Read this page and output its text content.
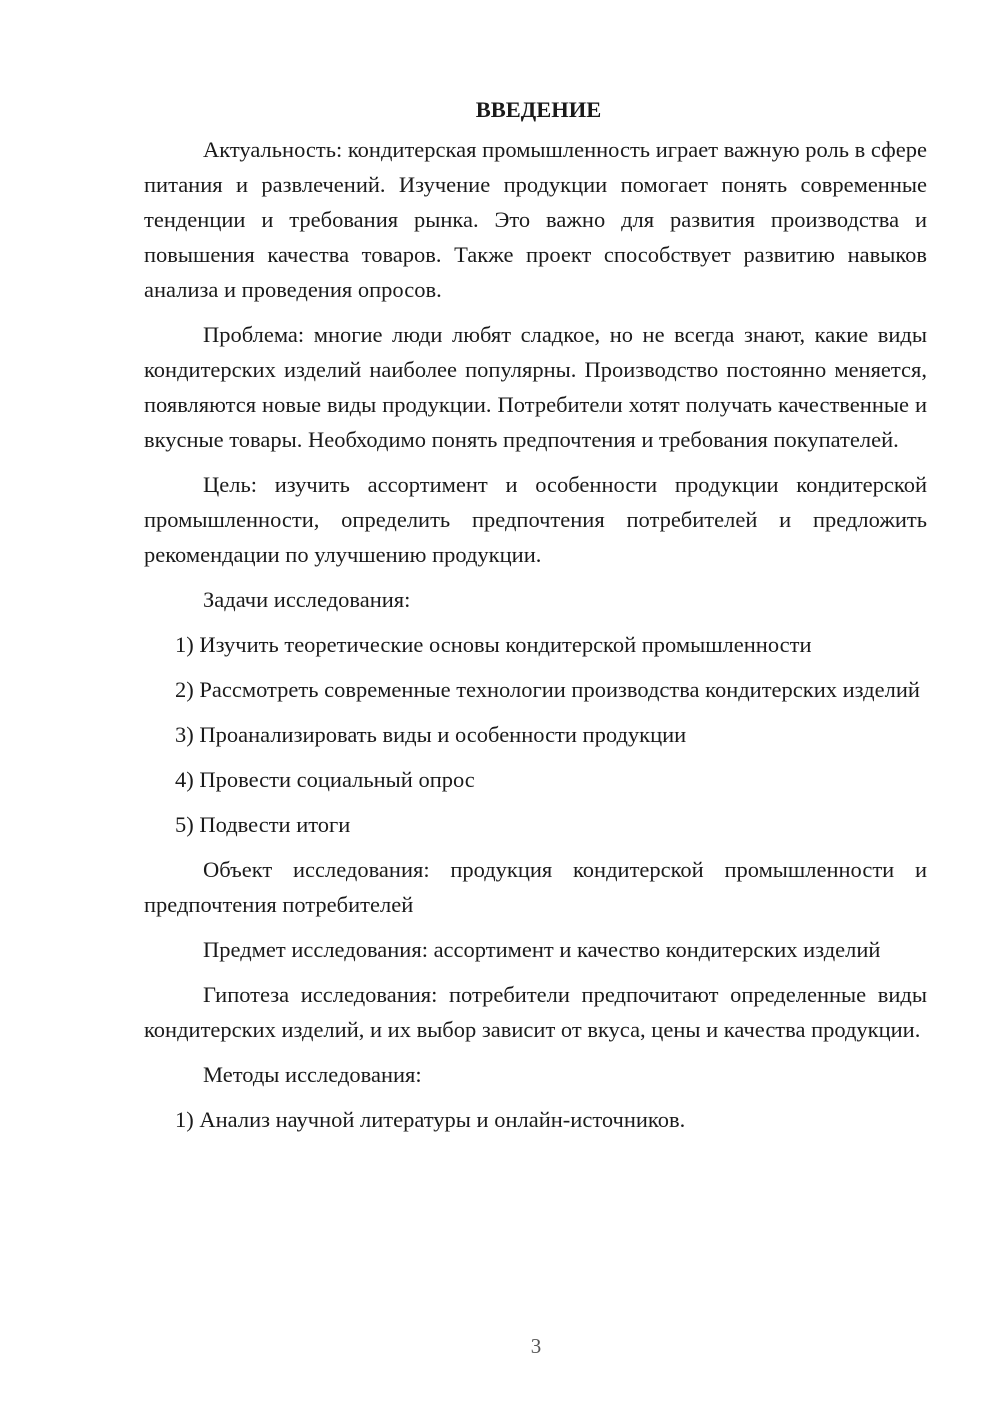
ВВЕДЕНИЕ

Актуальность: кондитерская промышленность играет важную роль в сфере питания и развлечений. Изучение продукции помогает понять современные тенденции и требования рынка. Это важно для развития производства и повышения качества товаров. Также проект способствует развитию навыков анализа и проведения опросов.

Проблема: многие люди любят сладкое, но не всегда знают, какие виды кондитерских изделий наиболее популярны. Производство постоянно меняется, появляются новые виды продукции. Потребители хотят получать качественные и вкусные товары. Необходимо понять предпочтения и требования покупателей.

Цель: изучить ассортимент и особенности продукции кондитерской промышленности, определить предпочтения потребителей и предложить рекомендации по улучшению продукции.

Задачи исследования:

1) Изучить теоретические основы кондитерской промышленности

2) Рассмотреть современные технологии производства кондитерских изделий

3) Проанализировать виды и особенности продукции

4) Провести социальный опрос

5) Подвести итоги

Объект исследования: продукция кондитерской промышленности и предпочтения потребителей

Предмет исследования: ассортимент и качество кондитерских изделий

Гипотеза исследования: потребители предпочитают определенные виды кондитерских изделий, и их выбор зависит от вкуса, цены и качества продукции.

Методы исследования:

1) Анализ научной литературы и онлайн-источников.

3
